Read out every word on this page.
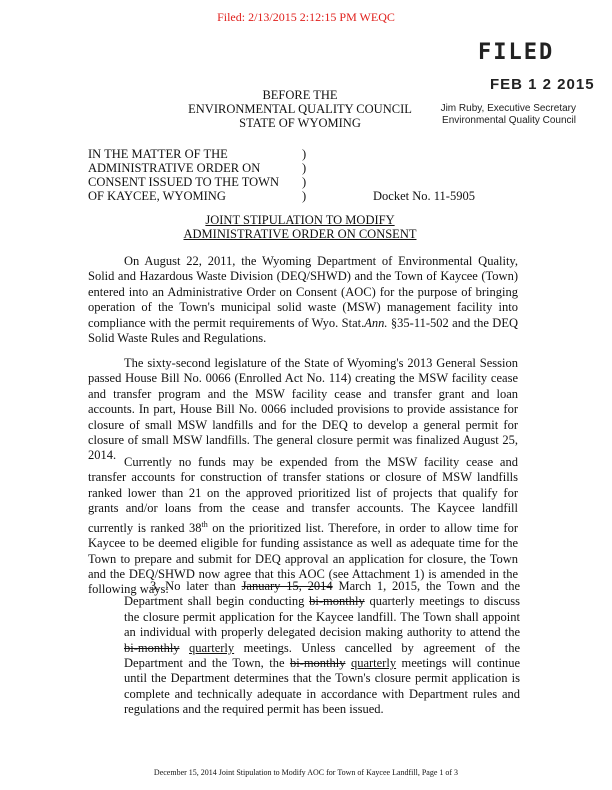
Filed: 2/13/2015 2:12:15 PM WEQC
FILED
FEB 1 2 2015
Jim Ruby, Executive Secretary
Environmental Quality Council
BEFORE THE
ENVIRONMENTAL QUALITY COUNCIL
STATE OF WYOMING
IN THE MATTER OF THE
ADMINISTRATIVE ORDER ON
CONSENT ISSUED TO THE TOWN
OF KAYCEE, WYOMING
)
)
)
)	Docket No. 11-5905
JOINT STIPULATION TO MODIFY
ADMINISTRATIVE ORDER ON CONSENT
On August 22, 2011, the Wyoming Department of Environmental Quality, Solid and Hazardous Waste Division (DEQ/SHWD) and the Town of Kaycee (Town) entered into an Administrative Order on Consent (AOC) for the purpose of bringing operation of the Town's municipal solid waste (MSW) management facility into compliance with the permit requirements of Wyo. Stat.Ann. §35-11-502 and the DEQ Solid Waste Rules and Regulations.
The sixty-second legislature of the State of Wyoming's 2013 General Session passed House Bill No. 0066 (Enrolled Act No. 114) creating the MSW facility cease and transfer program and the MSW facility cease and transfer grant and loan accounts. In part, House Bill No. 0066 included provisions to provide assistance for closure of small MSW landfills and for the DEQ to develop a general permit for closure of small MSW landfills. The general closure permit was finalized August 25, 2014. Currently no funds may be expended from the MSW facility cease and transfer accounts for construction of transfer stations or closure of MSW landfills ranked lower than 21 on the approved prioritized list of projects that qualify for grants and/or loans from the cease and transfer accounts. The Kaycee landfill currently is ranked 38th on the prioritized list. Therefore, in order to allow time for Kaycee to be deemed eligible for funding assistance as well as adequate time for the Town to prepare and submit for DEQ approval an application for closure, the Town and the DEQ/SHWD now agree that this AOC (see Attachment 1) is amended in the following ways:
3. No later than January 15, 2014 March 1, 2015, the Town and the Department shall begin conducting bi-monthly quarterly meetings to discuss the closure permit application for the Kaycee landfill. The Town shall appoint an individual with properly delegated decision making authority to attend the bi-monthly quarterly meetings. Unless cancelled by agreement of the Department and the Town, the bi-monthly quarterly meetings will continue until the Department determines that the Town's closure permit application is complete and technically adequate in accordance with Department rules and regulations and the required permit has been issued.
December 15, 2014 Joint Stipulation to Modify AOC for Town of Kaycee Landfill, Page 1 of 3
